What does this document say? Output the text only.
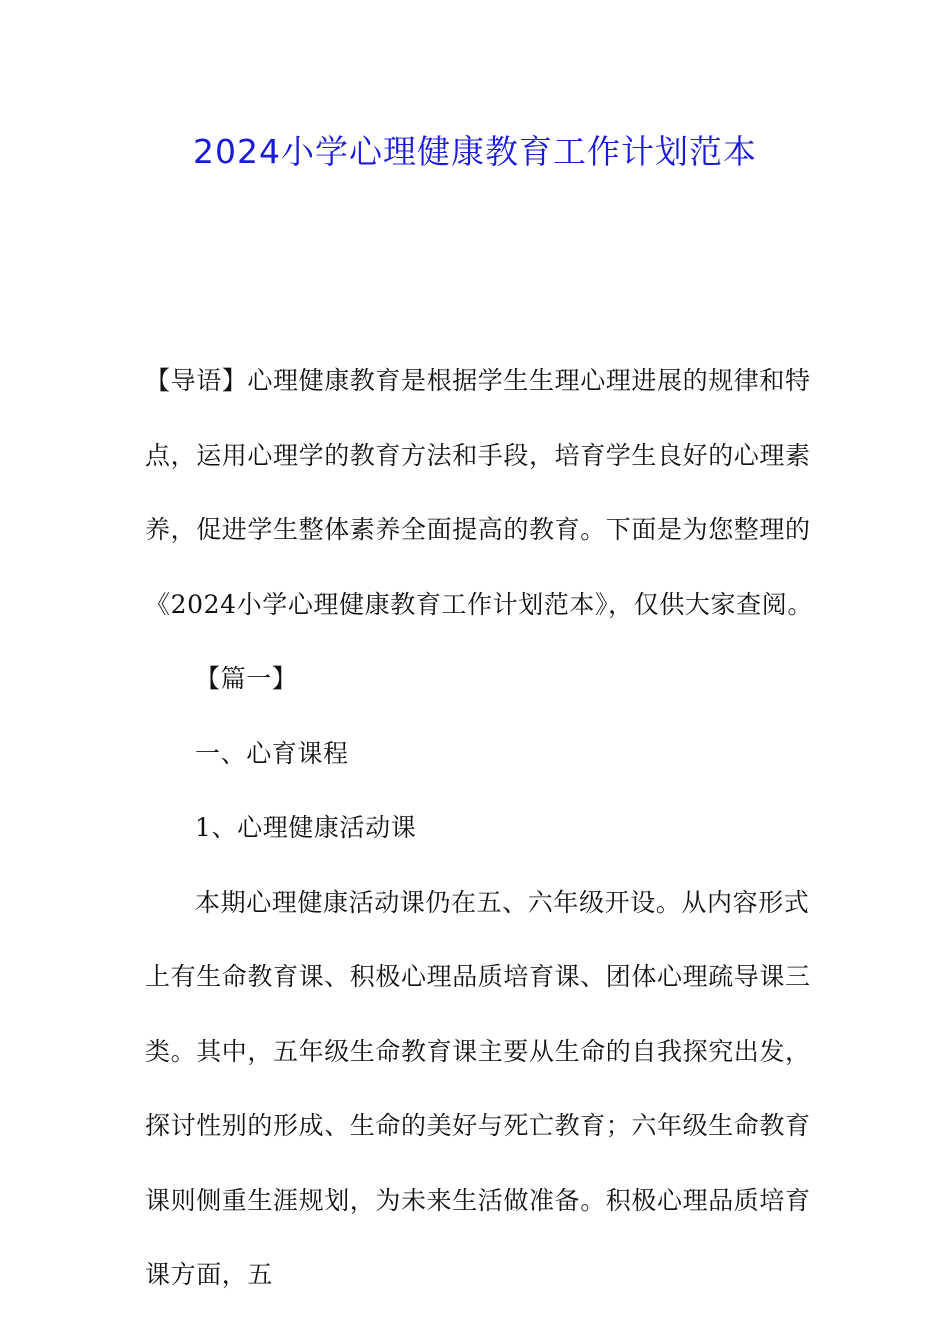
2024小学心理健康教育工作计划范本

【导语】心理健康教育是根据学生生理心理进展的规律和特点，运用心理学的教育方法和手段，培育学生良好的心理素养，促进学生整体素养全面提高的教育。下面是为您整理的《2024小学心理健康教育工作计划范本》，仅供大家查阅。

【篇一】

一、心育课程

1、心理健康活动课

本期心理健康活动课仍在五、六年级开设。从内容形式上有生命教育课、积极心理品质培育课、团体心理疏导课三类。其中，五年级生命教育课主要从生命的自我探究出发，探讨性别的形成、生命的美好与死亡教育；六年级生命教育课则侧重生涯规划，为未来生活做准备。积极心理品质培育课方面，五
